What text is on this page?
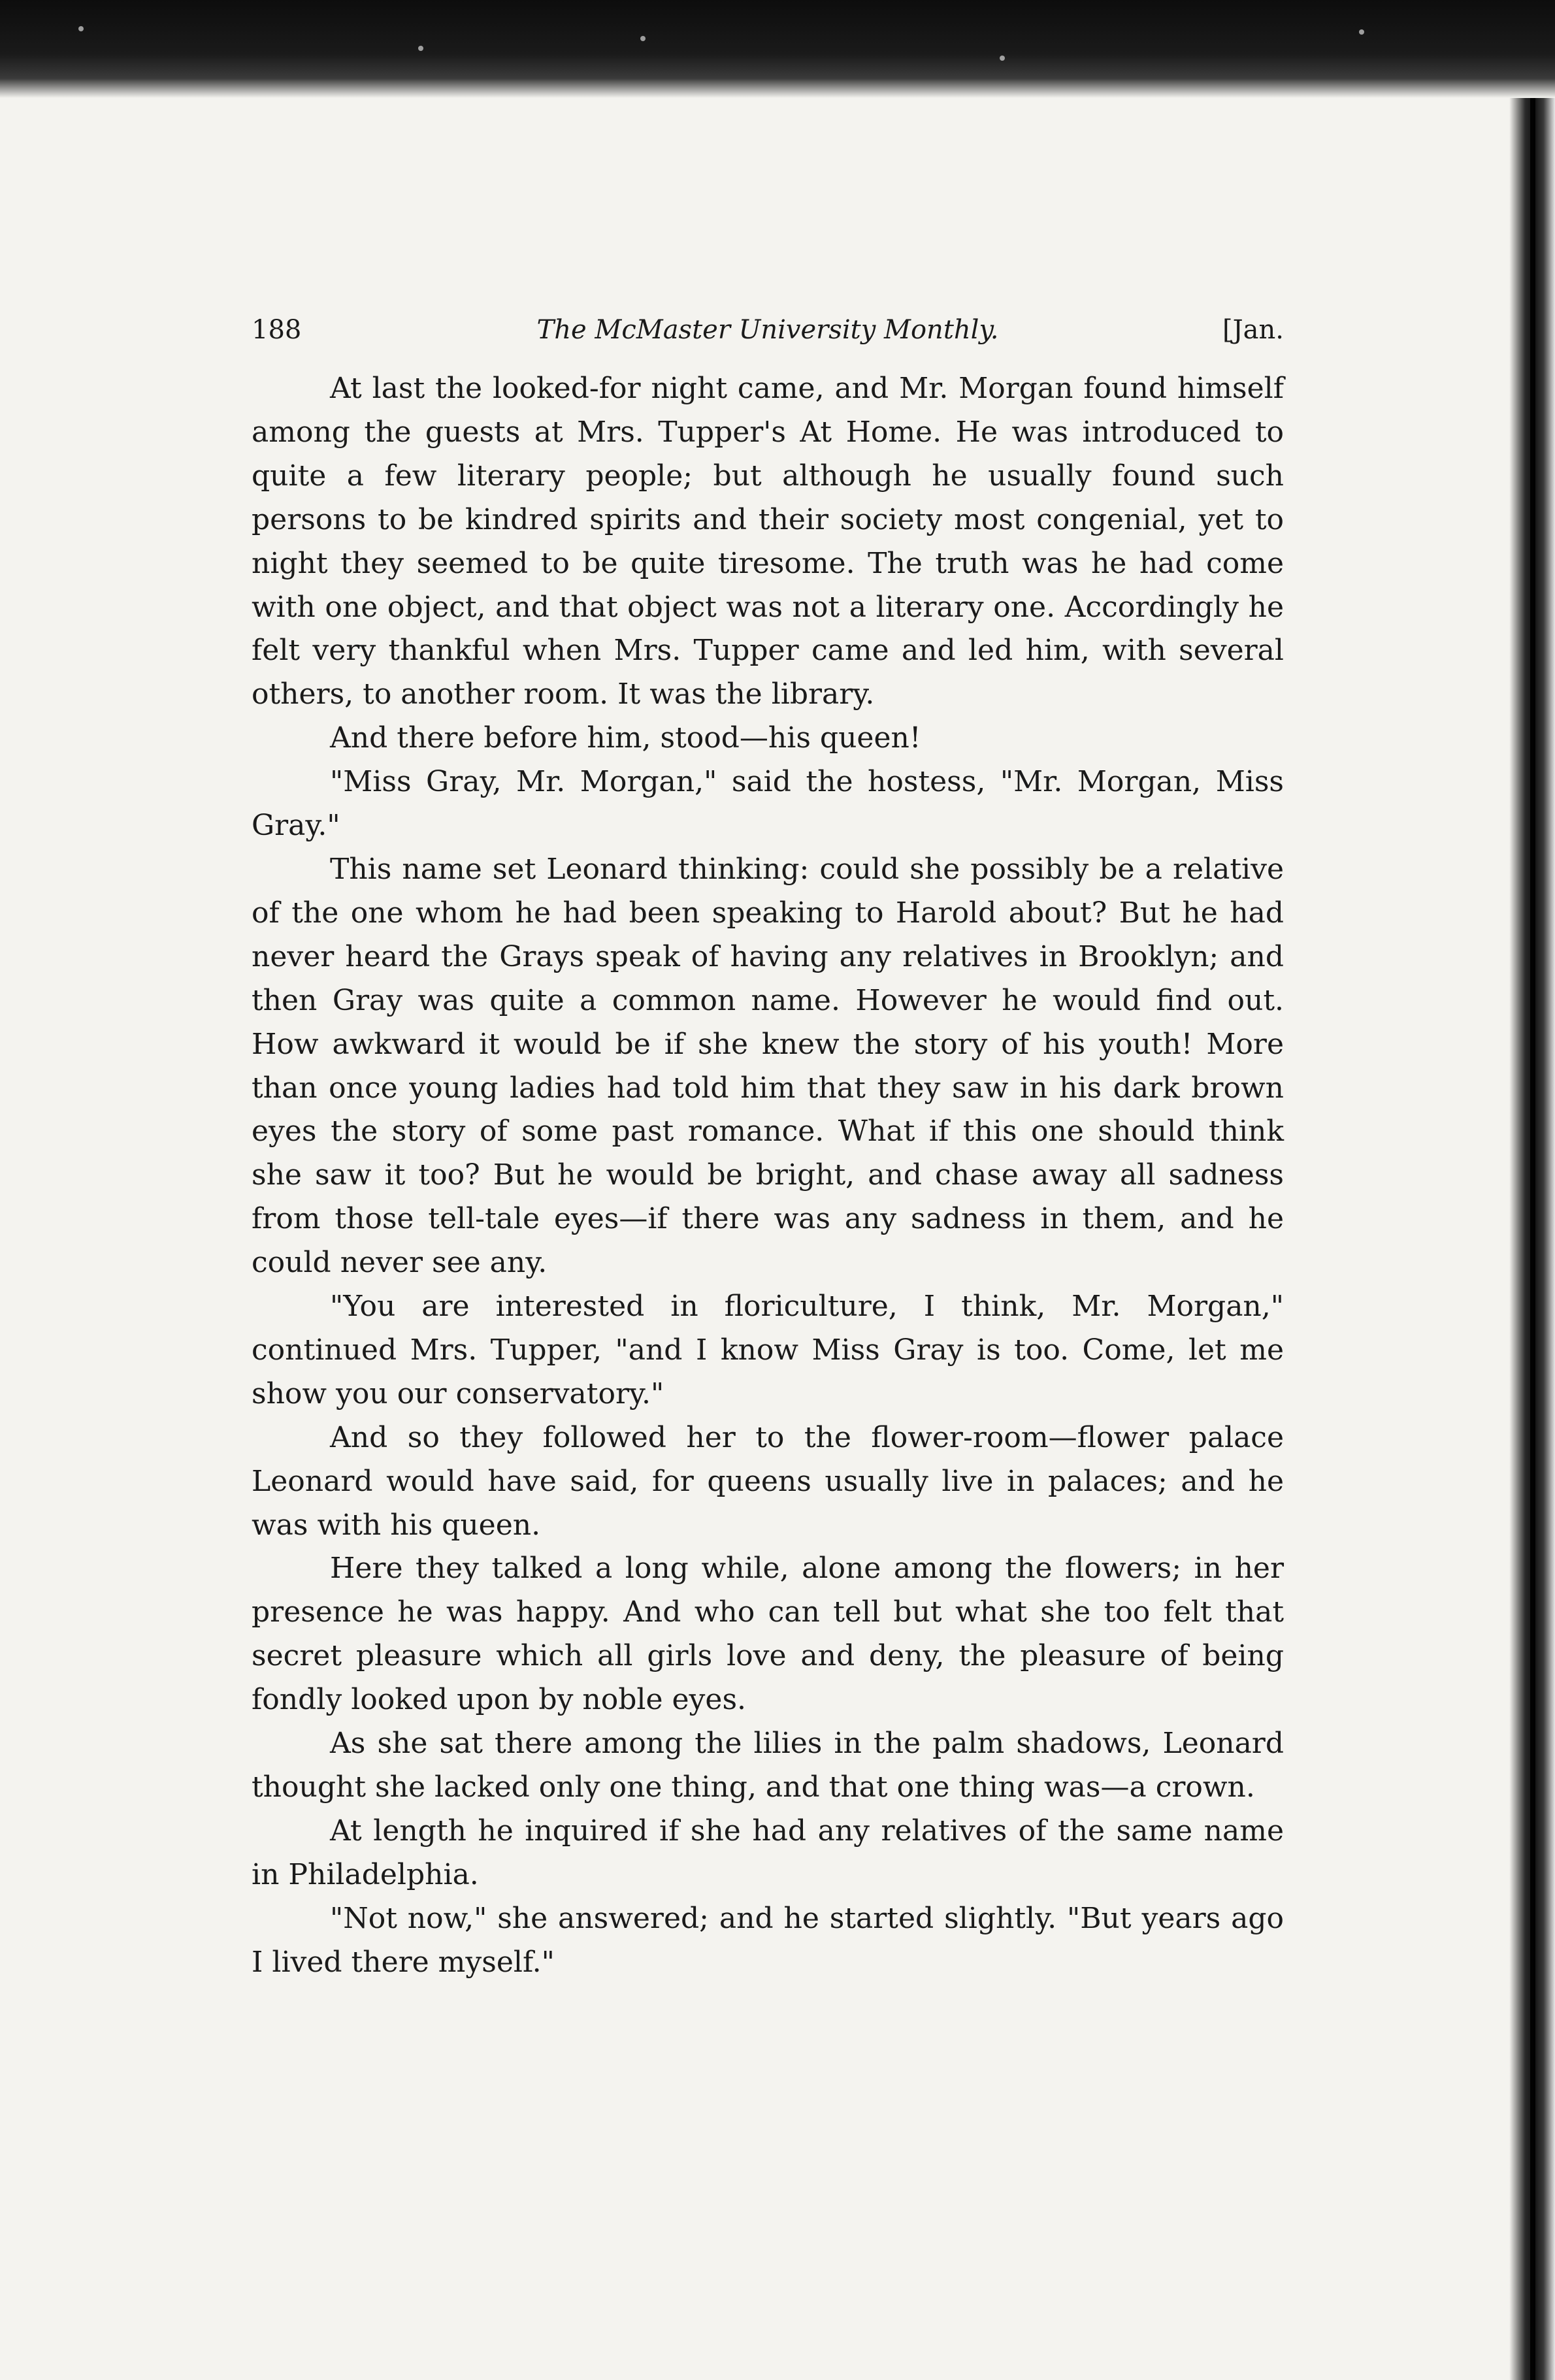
188	The McMaster University Monthly.	[Jan.

At last the looked-for night came, and Mr. Morgan found himself among the guests at Mrs. Tupper's At Home. He was introduced to quite a few literary people; but although he usually found such persons to be kindred spirits and their society most congenial, yet to night they seemed to be quite tiresome. The truth was he had come with one object, and that object was not a literary one. Accordingly he felt very thankful when Mrs. Tupper came and led him, with several others, to another room. It was the library.

And there before him, stood—his queen!

"Miss Gray, Mr. Morgan," said the hostess, "Mr. Morgan, Miss Gray."

This name set Leonard thinking: could she possibly be a relative of the one whom he had been speaking to Harold about? But he had never heard the Grays speak of having any relatives in Brooklyn; and then Gray was quite a common name. However he would find out. How awkward it would be if she knew the story of his youth! More than once young ladies had told him that they saw in his dark brown eyes the story of some past romance. What if this one should think she saw it too? But he would be bright, and chase away all sadness from those tell-tale eyes—if there was any sadness in them, and he could never see any.

"You are interested in floriculture, I think, Mr. Morgan," continued Mrs. Tupper, "and I know Miss Gray is too. Come, let me show you our conservatory."

And so they followed her to the flower-room—flower palace Leonard would have said, for queens usually live in palaces; and he was with his queen.

Here they talked a long while, alone among the flowers; in her presence he was happy. And who can tell but what she too felt that secret pleasure which all girls love and deny, the pleasure of being fondly looked upon by noble eyes.

As she sat there among the lilies in the palm shadows, Leonard thought she lacked only one thing, and that one thing was—a crown.

At length he inquired if she had any relatives of the same name in Philadelphia.

"Not now," she answered; and he started slightly. "But years ago I lived there myself."
